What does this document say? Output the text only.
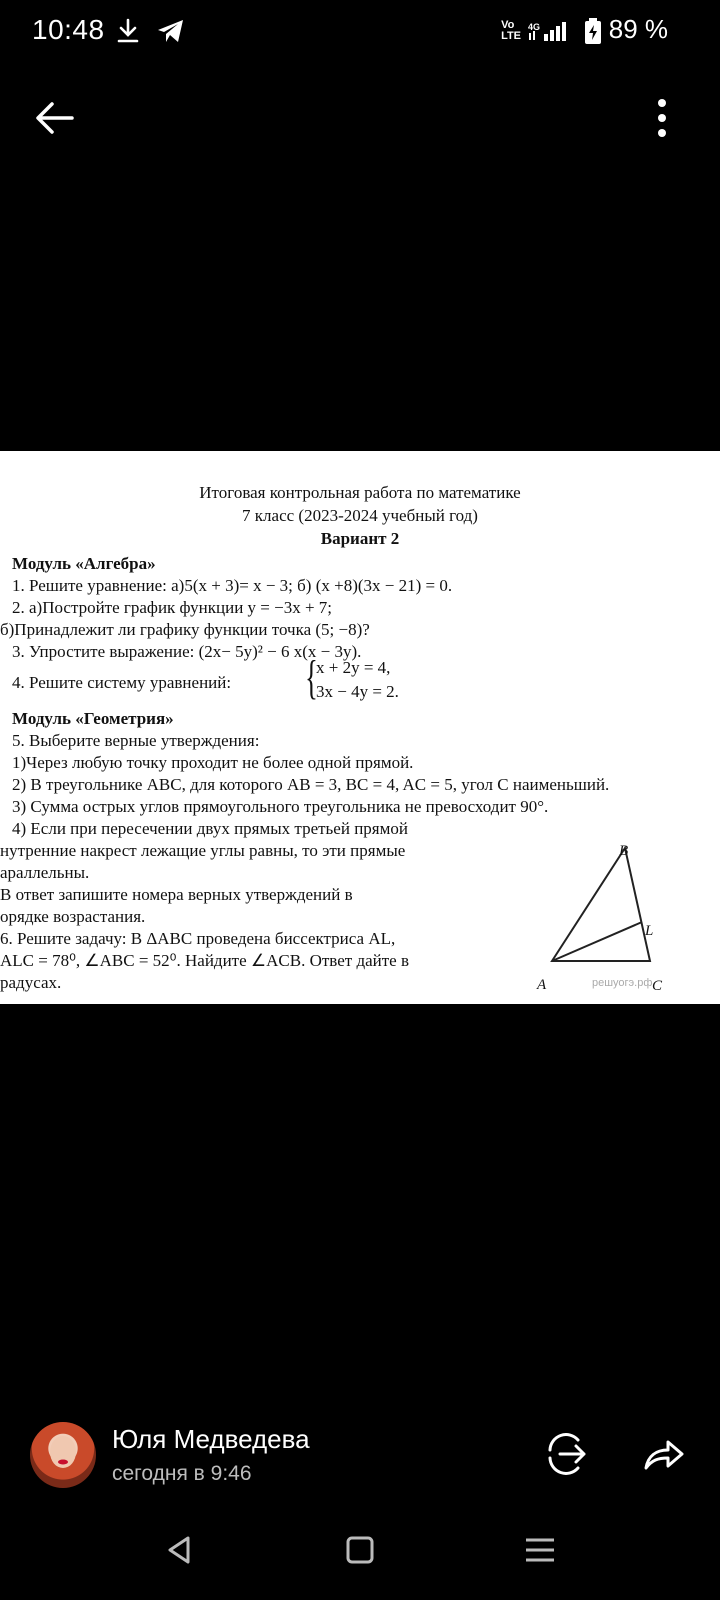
10:48	Vo
LTE
4G	89 %
Итоговая контрольная работа по математике
7 класс (2023-2024 учебный год)
Вариант 2
Модуль «Алгебра»
1. Решите уравнение: а)5(x + 3)= x − 3; б) (x +8)(3x − 21) = 0.
2. а)Постройте график функции у = −3х + 7;
б)Принадлежит ли графику функции точка (5; −8)?
3. Упростите выражение: (2x− 5y)² − 6 x(x − 3y).
4. Решите систему уравнений: {
x + 2y = 4,
3x − 4y = 2.
Модуль «Геометрия»
5. Выберите верные утверждения:
1)Через любую точку проходит не более одной прямой.
2) В треугольнике ABC, для которого AB = 3, BC = 4, AC = 5, угол C наименьший.
3) Сумма острых углов прямоугольного треугольника не превосходит 90°.
4) Если при пересечении двух прямых третьей прямой
нутренние накрест лежащие углы равны, то эти прямые
араллельны.
В ответ запишите номера верных утверждений в
орядке возрастания.
6. Решите задачу: В ΔABC проведена биссектриса AL,
ALC = 78⁰, ∠ABC = 52⁰. Найдите ∠ACB. Ответ дайте в
радусах.
B
L
A	C
решуогэ.рф
Юля Медведева
сегодня в 9:46
